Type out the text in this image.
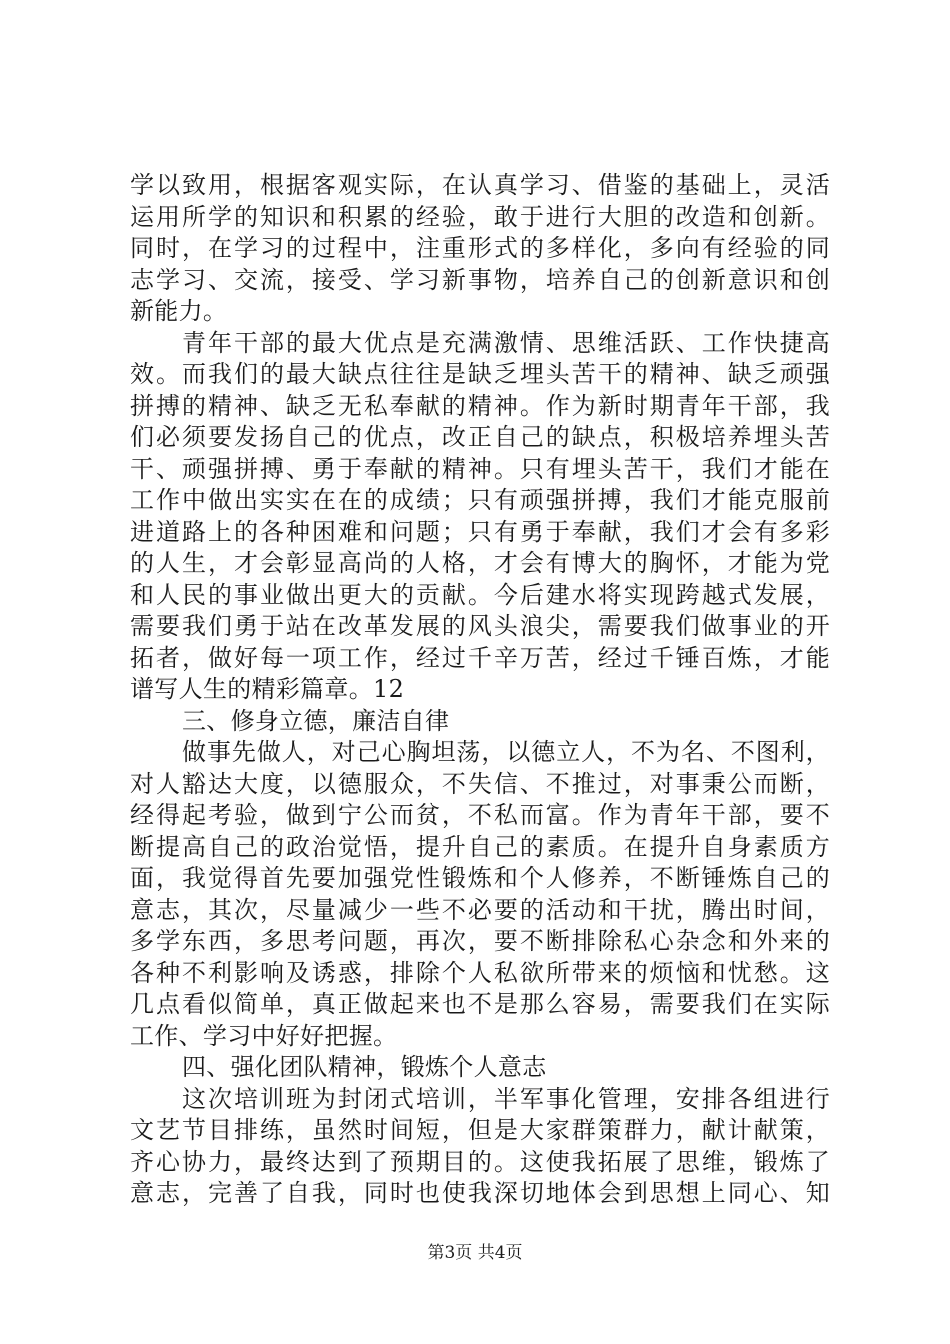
学以致用，根据客观实际，在认真学习、借鉴的基础上，灵活
运用所学的知识和积累的经验，敢于进行大胆的改造和创新。
同时，在学习的过程中，注重形式的多样化，多向有经验的同
志学习、交流，接受、学习新事物，培养自己的创新意识和创
新能力。
青年干部的最大优点是充满激情、思维活跃、工作快捷高
效。而我们的最大缺点往往是缺乏埋头苦干的精神、缺乏顽强
拼搏的精神、缺乏无私奉献的精神。作为新时期青年干部，我
们必须要发扬自己的优点，改正自己的缺点，积极培养埋头苦
干、顽强拼搏、勇于奉献的精神。只有埋头苦干，我们才能在
工作中做出实实在在的成绩；只有顽强拼搏，我们才能克服前
进道路上的各种困难和问题；只有勇于奉献，我们才会有多彩
的人生，才会彰显高尚的人格，才会有博大的胸怀，才能为党
和人民的事业做出更大的贡献。今后建水将实现跨越式发展，
需要我们勇于站在改革发展的风头浪尖，需要我们做事业的开
拓者，做好每一项工作，经过千辛万苦，经过千锤百炼，才能
谱写人生的精彩篇章。12
三、修身立德，廉洁自律
做事先做人，对己心胸坦荡，以德立人，不为名、不图利，
对人豁达大度，以德服众，不失信、不推过，对事秉公而断，
经得起考验，做到宁公而贫，不私而富。作为青年干部，要不
断提高自己的政治觉悟，提升自己的素质。在提升自身素质方
面，我觉得首先要加强党性锻炼和个人修养，不断锤炼自己的
意志，其次，尽量减少一些不必要的活动和干扰，腾出时间，
多学东西，多思考问题，再次，要不断排除私心杂念和外来的
各种不利影响及诱惑，排除个人私欲所带来的烦恼和忧愁。这
几点看似简单，真正做起来也不是那么容易，需要我们在实际
工作、学习中好好把握。
四、强化团队精神，锻炼个人意志
这次培训班为封闭式培训，半军事化管理，安排各组进行
文艺节目排练，虽然时间短，但是大家群策群力，献计献策，
齐心协力，最终达到了预期目的。这使我拓展了思维，锻炼了
意志，完善了自我，同时也使我深切地体会到思想上同心、知
第3页 共4页
